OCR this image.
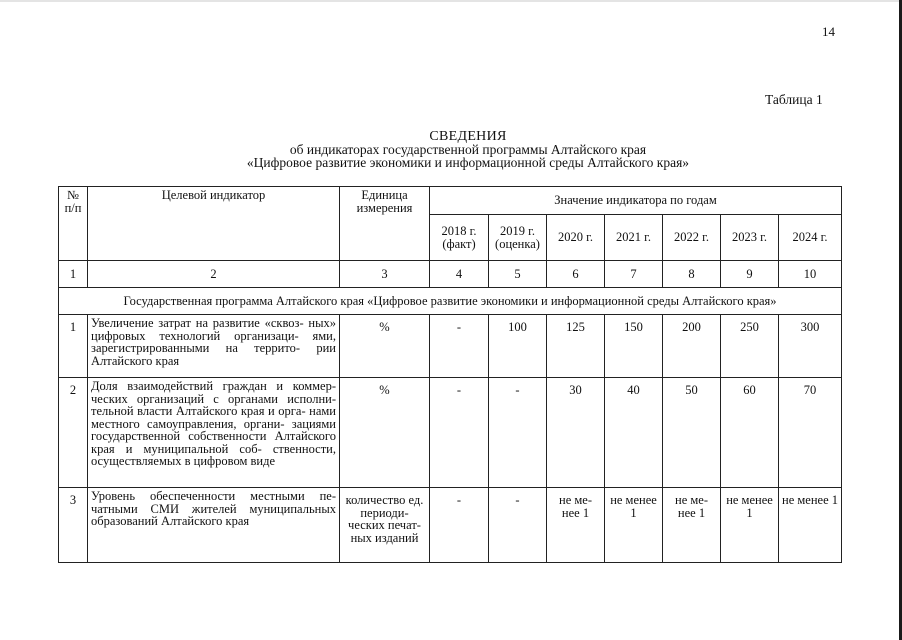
14
Таблица 1
СВЕДЕНИЯ
об индикаторах государственной программы Алтайского края
«Цифровое развитие экономики и информационной среды Алтайского края»
№ п/п	Целевой индикатор	Единица измерения	Значение индикатора по годам						
			2018 г. (факт)	2019 г. (оценка)	2020 г.	2021 г.	2022 г.	2023 г.	2024 г.
1	2	3	4	5	6	7	8	9	10
Государственная программа Алтайского края «Цифровое развитие экономики и информационной среды Алтайского края»									
1	Увеличение затрат на развитие «сквоз- ных» цифровых технологий организаци- ями, зарегистрированными на террито- рии Алтайского края	%	-	100	125	150	200	250	300
2	Доля взаимодействий граждан и коммер- ческих организаций с органами исполни- тельной власти Алтайского края и орга- нами местного самоуправления, органи- зациями государственной собственности Алтайского края и муниципальной соб- ственности, осуществляемых в цифровом виде	%	-	-	30	40	50	60	70
3	Уровень обеспеченности местными пе- чатными СМИ жителей муниципальных образований Алтайского края	количество ед. периоди- ческих печат- ных изданий	-	-	не ме- нее 1	не менее 1	не ме- нее 1	не менее 1	не менее 1
